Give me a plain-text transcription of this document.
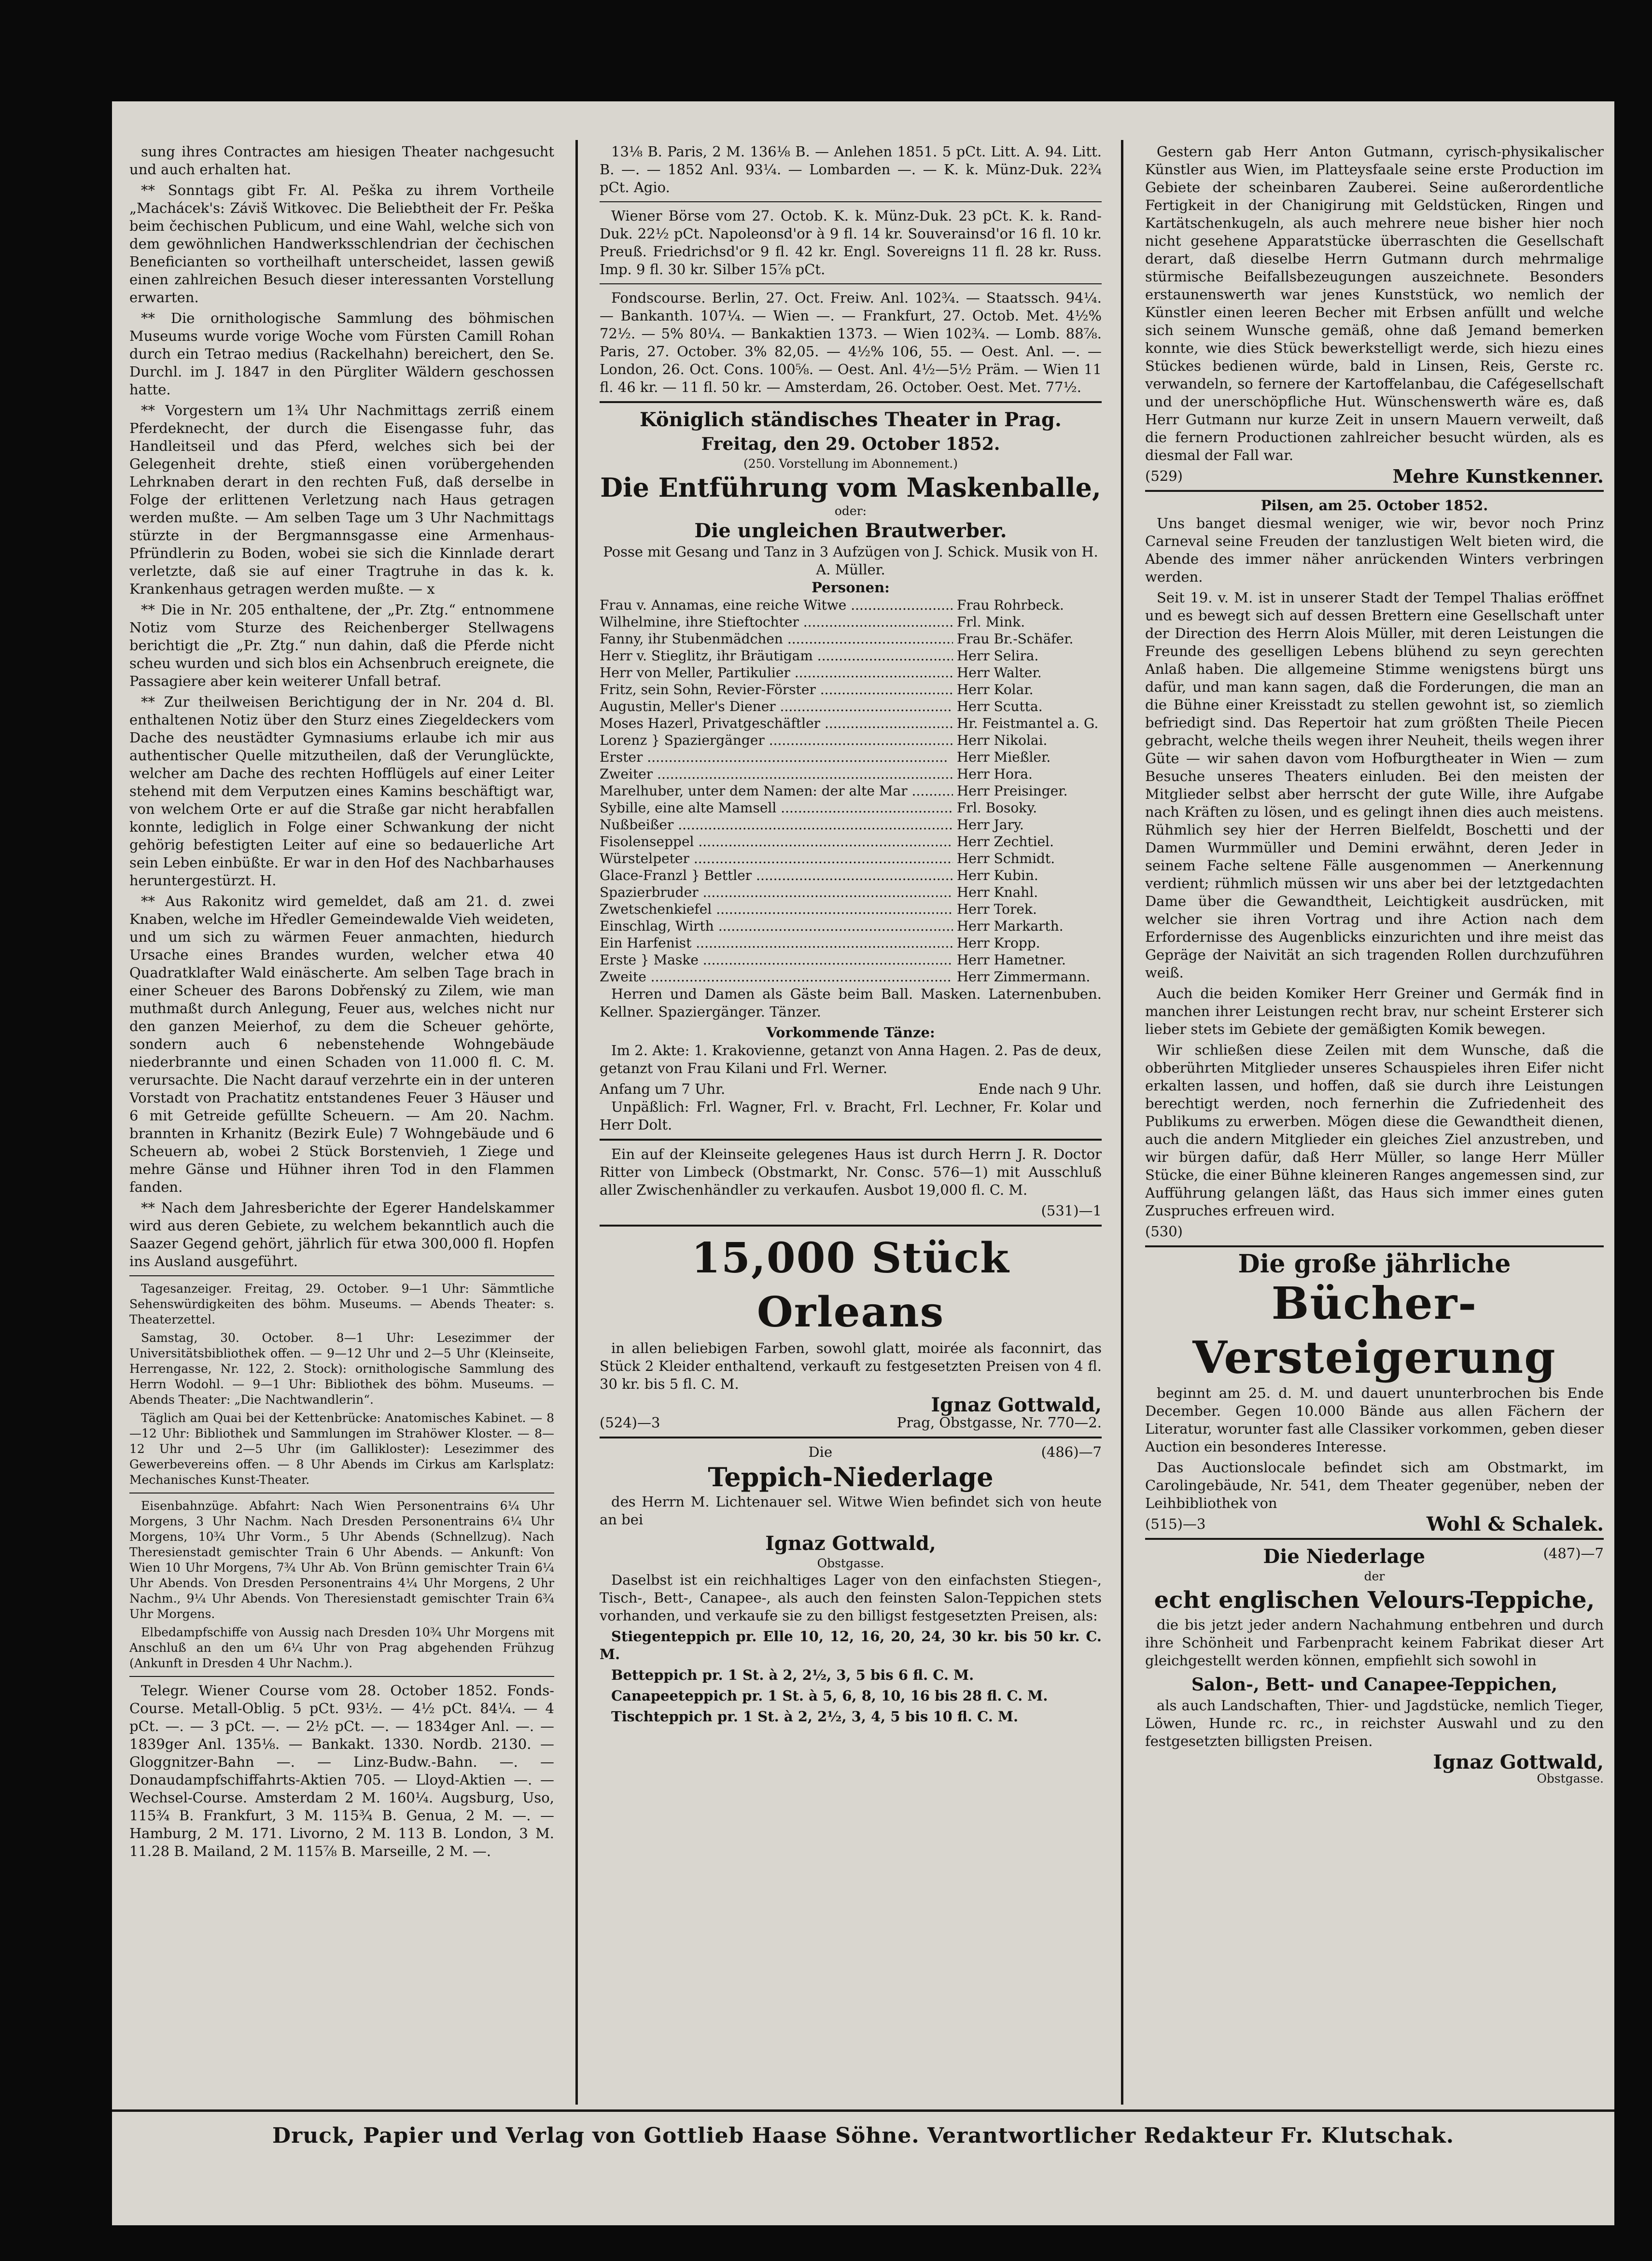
sung ihres Contractes am hiesigen Theater nachgesucht und auch erhalten hat.

** Sonntags gibt Fr. Al. Peška zu ihrem Vortheile „Machácek's: Záviš Witkovec. Die Beliebtheit der Fr. Peška beim čechischen Publicum, und eine Wahl, welche sich von dem gewöhnlichen Handwerksschlendrian der čechischen Beneficianten so vortheilhaft unterscheidet, lassen gewiß einen zahlreichen Besuch dieser interessanten Vorstellung erwarten.

** Die ornithologische Sammlung des böhmischen Museums wurde vorige Woche vom Fürsten Camill Rohan durch ein Tetrao medius (Rackelhahn) bereichert, den Se. Durchl. im J. 1847 in den Pürgliter Wäldern geschossen hatte.

** Vorgestern um 1¾ Uhr Nachmittags zerriß einem Pferdeknecht, der durch die Eisengasse fuhr, das Handleitseil und das Pferd, welches sich bei der Gelegenheit drehte, stieß einen vorübergehenden Lehrknaben derart in den rechten Fuß, daß derselbe in Folge der erlittenen Verletzung nach Haus getragen werden mußte. — Am selben Tage um 3 Uhr Nachmittags stürzte in der Bergmannsgasse eine Armenhaus-Pfründlerin zu Boden, wobei sie sich die Kinnlade derart verletzte, daß sie auf einer Tragtruhe in das k. k. Krankenhaus getragen werden mußte. — x

** Die in Nr. 205 enthaltene, der „Pr. Ztg.“ entnommene Notiz vom Sturze des Reichenberger Stellwagens berichtigt die „Pr. Ztg.“ nun dahin, daß die Pferde nicht scheu wurden und sich blos ein Achsenbruch ereignete, die Passagiere aber kein weiterer Unfall betraf.

** Zur theilweisen Berichtigung der in Nr. 204 d. Bl. enthaltenen Notiz über den Sturz eines Ziegeldeckers vom Dache des neustädter Gymnasiums erlaube ich mir aus authentischer Quelle mitzutheilen, daß der Verunglückte, welcher am Dache des rechten Hofflügels auf einer Leiter stehend mit dem Verputzen eines Kamins beschäftigt war, von welchem Orte er auf die Straße gar nicht herabfallen konnte, lediglich in Folge einer Schwankung der nicht gehörig befestigten Leiter auf eine so bedauerliche Art sein Leben einbüßte. Er war in den Hof des Nachbarhauses heruntergestürzt. H.

** Aus Rakonitz wird gemeldet, daß am 21. d. zwei Knaben, welche im Hředler Gemeindewalde Vieh weideten, und um sich zu wärmen Feuer anmachten, hiedurch Ursache eines Brandes wurden, welcher etwa 40 Quadratklafter Wald einäscherte. Am selben Tage brach in einer Scheuer des Barons Dobřenský zu Zilem, wie man muthmaßt durch Anlegung, Feuer aus, welches nicht nur den ganzen Meierhof, zu dem die Scheuer gehörte, sondern auch 6 nebenstehende Wohngebäude niederbrannte und einen Schaden von 11.000 fl. C. M. verursachte. Die Nacht darauf verzehrte ein in der unteren Vorstadt von Prachatitz entstandenes Feuer 3 Häuser und 6 mit Getreide gefüllte Scheuern. — Am 20. Nachm. brannten in Krhanitz (Bezirk Eule) 7 Wohngebäude und 6 Scheuern ab, wobei 2 Stück Borstenvieh, 1 Ziege und mehre Gänse und Hühner ihren Tod in den Flammen fanden.

** Nach dem Jahresberichte der Egerer Handelskammer wird aus deren Gebiete, zu welchem bekanntlich auch die Saazer Gegend gehört, jährlich für etwa 300,000 fl. Hopfen ins Ausland ausgeführt.

Tagesanzeiger. Freitag, 29. October. 9—1 Uhr: Sämmtliche Sehenswürdigkeiten des böhm. Museums. — Abends Theater: s. Theaterzettel.

Samstag, 30. October. 8—1 Uhr: Lesezimmer der Universitätsbibliothek offen. — 9—12 Uhr und 2—5 Uhr (Kleinseite, Herrengasse, Nr. 122, 2. Stock): ornithologische Sammlung des Herrn Wodohl. — 9—1 Uhr: Bibliothek des böhm. Museums. — Abends Theater: „Die Nachtwandlerin“.

Täglich am Quai bei der Kettenbrücke: Anatomisches Kabinet. — 8—12 Uhr: Bibliothek und Sammlungen im Strahöwer Kloster. — 8—12 Uhr und 2—5 Uhr (im Gallikloster): Lesezimmer des Gewerbevereins offen. — 8 Uhr Abends im Cirkus am Karlsplatz: Mechanisches Kunst-Theater.

Eisenbahnzüge. Abfahrt: Nach Wien Personentrains 6¼ Uhr Morgens, 3 Uhr Nachm. Nach Dresden Personentrains 6¼ Uhr Morgens, 10¾ Uhr Vorm., 5 Uhr Abends (Schnellzug). Nach Theresienstadt gemischter Train 6 Uhr Abends. — Ankunft: Von Wien 10 Uhr Morgens, 7¾ Uhr Ab. Von Brünn gemischter Train 6¼ Uhr Abends. Von Dresden Personentrains 4¼ Uhr Morgens, 2 Uhr Nachm., 9¼ Uhr Abends. Von Theresienstadt gemischter Train 6¾ Uhr Morgens.

Elbedampfschiffe von Aussig nach Dresden 10¾ Uhr Morgens mit Anschluß an den um 6¼ Uhr von Prag abgehenden Frühzug (Ankunft in Dresden 4 Uhr Nachm.).

Telegr. Wiener Course vom 28. October 1852. Fonds-Course. Metall-Oblig. 5 pCt. 93½. — 4½ pCt. 84¼. — 4 pCt. —. — 3 pCt. —. — 2½ pCt. —. — 1834ger Anl. —. — 1839ger Anl. 135⅛. — Bankakt. 1330. Nordb. 2130. — Gloggnitzer-Bahn —. — Linz-Budw.-Bahn. —. — Donaudampfschiffahrts-Aktien 705. — Lloyd-Aktien —. — Wechsel-Course. Amsterdam 2 M. 160¼. Augsburg, Uso, 115¾ B. Frankfurt, 3 M. 115¾ B. Genua, 2 M. —. — Hamburg, 2 M. 171. Livorno, 2 M. 113 B. London, 3 M. 11.28 B. Mailand, 2 M. 115⅞ B. Marseille, 2 M. —.

13⅛ B. Paris, 2 M. 136⅛ B. — Anlehen 1851. 5 pCt. Litt. A. 94. Litt. B. —. — 1852 Anl. 93¼. — Lombarden —. — K. k. Münz-Duk. 22¾ pCt. Agio.

Wiener Börse vom 27. Octob. K. k. Münz-Duk. 23 pCt. K. k. Rand-Duk. 22½ pCt. Napoleonsd'or à 9 fl. 14 kr. Souverainsd'or 16 fl. 10 kr. Preuß. Friedrichsd'or 9 fl. 42 kr. Engl. Sovereigns 11 fl. 28 kr. Russ. Imp. 9 fl. 30 kr. Silber 15⅞ pCt.

Fondscourse. Berlin, 27. Oct. Freiw. Anl. 102¾. — Staatssch. 94¼. — Bankanth. 107¼. — Wien —. — Frankfurt, 27. Octob. Met. 4½% 72½. — 5% 80¼. — Bankaktien 1373. — Wien 102¾. — Lomb. 88⅞. Paris, 27. October. 3% 82,05. — 4½% 106, 55. — Oest. Anl. —. — London, 26. Oct. Cons. 100⅝. — Oest. Anl. 4½—5½ Präm. — Wien 11 fl. 46 kr. — 11 fl. 50 kr. — Amsterdam, 26. October. Oest. Met. 77½.

Königlich ständisches Theater in Prag.
Freitag, den 29. October 1852.
(250. Vorstellung im Abonnement.)
Die Entführung vom Maskenballe,
oder:
Die ungleichen Brautwerber.
Posse mit Gesang und Tanz in 3 Aufzügen von J. Schick. Musik von H. A. Müller.
Personen:
Frau v. Annamas, eine reiche Witwe .....	Frau Rohrbeck.
Wilhelmine, ihre Stieftochter .....	Frl. Mink.
Fanny, ihr Stubenmädchen .....	Frau Br.-Schäfer.
Herr v. Stieglitz, ihr Bräutigam .....	Herr Selira.
Herr von Meller, Partikulier .....	Herr Walter.
Fritz, sein Sohn, Revier-Förster .....	Herr Kolar.
Augustin, Meller's Diener .....	Herr Scutta.
Moses Hazerl, Privatgeschäftler .....	Hr. Feistmantel a. G.
Lorenz } Spaziergänger .....	Herr Nikolai.
Erster .....	Herr Mießler.
Zweiter .....	Herr Hora.
Marelhuber, unter dem Namen: der alte Mar .....	Herr Preisinger.
Sybille, eine alte Mamsell .....	Frl. Bosoky.
Nußbeißer .....	Herr Jary.
Fisolenseppel .....	Herr Zechtiel.
Würstelpeter .....	Herr Schmidt.
Glace-Franzl } Bettler .....	Herr Kubin.
Spazierbruder .....	Herr Knahl.
Zwetschenkiefel .....	Herr Torek.
Einschlag, Wirth .....	Herr Markarth.
Ein Harfenist .....	Herr Kropp.
Erste } Maske .....	Herr Hametner.
Zweite .....	Herr Zimmermann.

Herren und Damen als Gäste beim Ball. Masken. Laternenbuben. Kellner. Spaziergänger. Tänzer.

Vorkommende Tänze:

Im 2. Akte: 1. Krakovienne, getanzt von Anna Hagen. 2. Pas de deux, getanzt von Frau Kilani und Frl. Werner.

Anfang um 7 Uhr.	Ende nach 9 Uhr.

Unpäßlich: Frl. Wagner, Frl. v. Bracht, Frl. Lechner, Fr. Kolar und Herr Dolt.

Ein auf der Kleinseite gelegenes Haus ist durch Herrn J. R. Doctor Ritter von Limbeck (Obstmarkt, Nr. Consc. 576—1) mit Ausschluß aller Zwischenhändler zu verkaufen. Ausbot 19,000 fl. C. M.

(531)—1
15,000 Stück Orleans

in allen beliebigen Farben, sowohl glatt, moirée als faconnirt, das Stück 2 Kleider enthaltend, verkauft zu festgesetzten Preisen von 4 fl. 30 kr. bis 5 fl. C. M.

Ignaz Gottwald,
(524)—3	Prag, Obstgasse, Nr. 770—2.
Die	(486)—7
Teppich-Niederlage

des Herrn M. Lichtenauer sel. Witwe Wien befindet sich von heute an bei

Ignaz Gottwald,
Obstgasse.

Daselbst ist ein reichhaltiges Lager von den einfachsten Stiegen-, Tisch-, Bett-, Canapee-, als auch den feinsten Salon-Teppichen stets vorhanden, und verkaufe sie zu den billigst festgesetzten Preisen, als:

Stiegenteppich pr. Elle 10, 12, 16, 20, 24, 30 kr. bis 50 kr. C. M.

Betteppich pr. 1 St. à 2, 2½, 3, 5 bis 6 fl. C. M.

Canapeeteppich pr. 1 St. à 5, 6, 8, 10, 16 bis 28 fl. C. M.

Tischteppich pr. 1 St. à 2, 2½, 3, 4, 5 bis 10 fl. C. M.

Gestern gab Herr Anton Gutmann, cyrisch-physikalischer Künstler aus Wien, im Platteysfaale seine erste Production im Gebiete der scheinbaren Zauberei. Seine außerordentliche Fertigkeit in der Chanigirung mit Geldstücken, Ringen und Kartätschenkugeln, als auch mehrere neue bisher hier noch nicht gesehene Apparatstücke überraschten die Gesellschaft derart, daß dieselbe Herrn Gutmann durch mehrmalige stürmische Beifallsbezeugungen auszeichnete. Besonders erstaunenswerth war jenes Kunststück, wo nemlich der Künstler einen leeren Becher mit Erbsen anfüllt und welche sich seinem Wunsche gemäß, ohne daß Jemand bemerken konnte, wie dies Stück bewerkstelligt werde, sich hiezu eines Stückes bedienen würde, bald in Linsen, Reis, Gerste rc. verwandeln, so fernere der Kartoffelanbau, die Cafégesellschaft und der unerschöpfliche Hut. Wünschenswerth wäre es, daß Herr Gutmann nur kurze Zeit in unsern Mauern verweilt, daß die fernern Productionen zahlreicher besucht würden, als es diesmal der Fall war.

(529)	Mehre Kunstkenner.
Pilsen, am 25. October 1852.

Uns banget diesmal weniger, wie wir, bevor noch Prinz Carneval seine Freuden der tanzlustigen Welt bieten wird, die Abende des immer näher anrückenden Winters verbringen werden.

Seit 19. v. M. ist in unserer Stadt der Tempel Thalias eröffnet und es bewegt sich auf dessen Brettern eine Gesellschaft unter der Direction des Herrn Alois Müller, mit deren Leistungen die Freunde des geselligen Lebens blühend zu seyn gerechten Anlaß haben. Die allgemeine Stimme wenigstens bürgt uns dafür, und man kann sagen, daß die Forderungen, die man an die Bühne einer Kreisstadt zu stellen gewohnt ist, so ziemlich befriedigt sind. Das Repertoir hat zum größten Theile Piecen gebracht, welche theils wegen ihrer Neuheit, theils wegen ihrer Güte — wir sahen davon vom Hofburgtheater in Wien — zum Besuche unseres Theaters einluden. Bei den meisten der Mitglieder selbst aber herrscht der gute Wille, ihre Aufgabe nach Kräften zu lösen, und es gelingt ihnen dies auch meistens. Rühmlich sey hier der Herren Bielfeldt, Boschetti und der Damen Wurmmüller und Demini erwähnt, deren Jeder in seinem Fache seltene Fälle ausgenommen — Anerkennung verdient; rühmlich müssen wir uns aber bei der letztgedachten Dame über die Gewandtheit, Leichtigkeit ausdrücken, mit welcher sie ihren Vortrag und ihre Action nach dem Erfordernisse des Augenblicks einzurichten und ihre meist das Gepräge der Naivität an sich tragenden Rollen durchzuführen weiß.

Auch die beiden Komiker Herr Greiner und Germák find in manchen ihrer Leistungen recht brav, nur scheint Ersterer sich lieber stets im Gebiete der gemäßigten Komik bewegen.

Wir schließen diese Zeilen mit dem Wunsche, daß die obberührten Mitglieder unseres Schauspieles ihren Eifer nicht erkalten lassen, und hoffen, daß sie durch ihre Leistungen berechtigt werden, noch fernerhin die Zufriedenheit des Publikums zu erwerben. Mögen diese die Gewandtheit dienen, auch die andern Mitglieder ein gleiches Ziel anzustreben, und wir bürgen dafür, daß Herr Müller, so lange Herr Müller Stücke, die einer Bühne kleineren Ranges angemessen sind, zur Aufführung gelangen läßt, das Haus sich immer eines guten Zuspruches erfreuen wird.

(530)
Die große jährliche
Bücher-Versteigerung

beginnt am 25. d. M. und dauert ununterbrochen bis Ende December. Gegen 10.000 Bände aus allen Fächern der Literatur, worunter fast alle Classiker vorkommen, geben dieser Auction ein besonderes Interesse.

Das Auctionslocale befindet sich am Obstmarkt, im Carolingebäude, Nr. 541, dem Theater gegenüber, neben der Leihbibliothek von

(515)—3	Wohl & Schalek.
Die Niederlage	(487)—7
der
echt englischen Velours-Teppiche,

die bis jetzt jeder andern Nachahmung entbehren und durch ihre Schönheit und Farbenpracht keinem Fabrikat dieser Art gleichgestellt werden können, empfiehlt sich sowohl in

Salon-, Bett- und Canapee-Teppichen,

als auch Landschaften, Thier- und Jagdstücke, nemlich Tieger, Löwen, Hunde rc. rc., in reichster Auswahl und zu den festgesetzten billigsten Preisen.

Ignaz Gottwald,
Obstgasse.
Druck, Papier und Verlag von Gottlieb Haase Söhne. Verantwortlicher Redakteur Fr. Klutschak.
